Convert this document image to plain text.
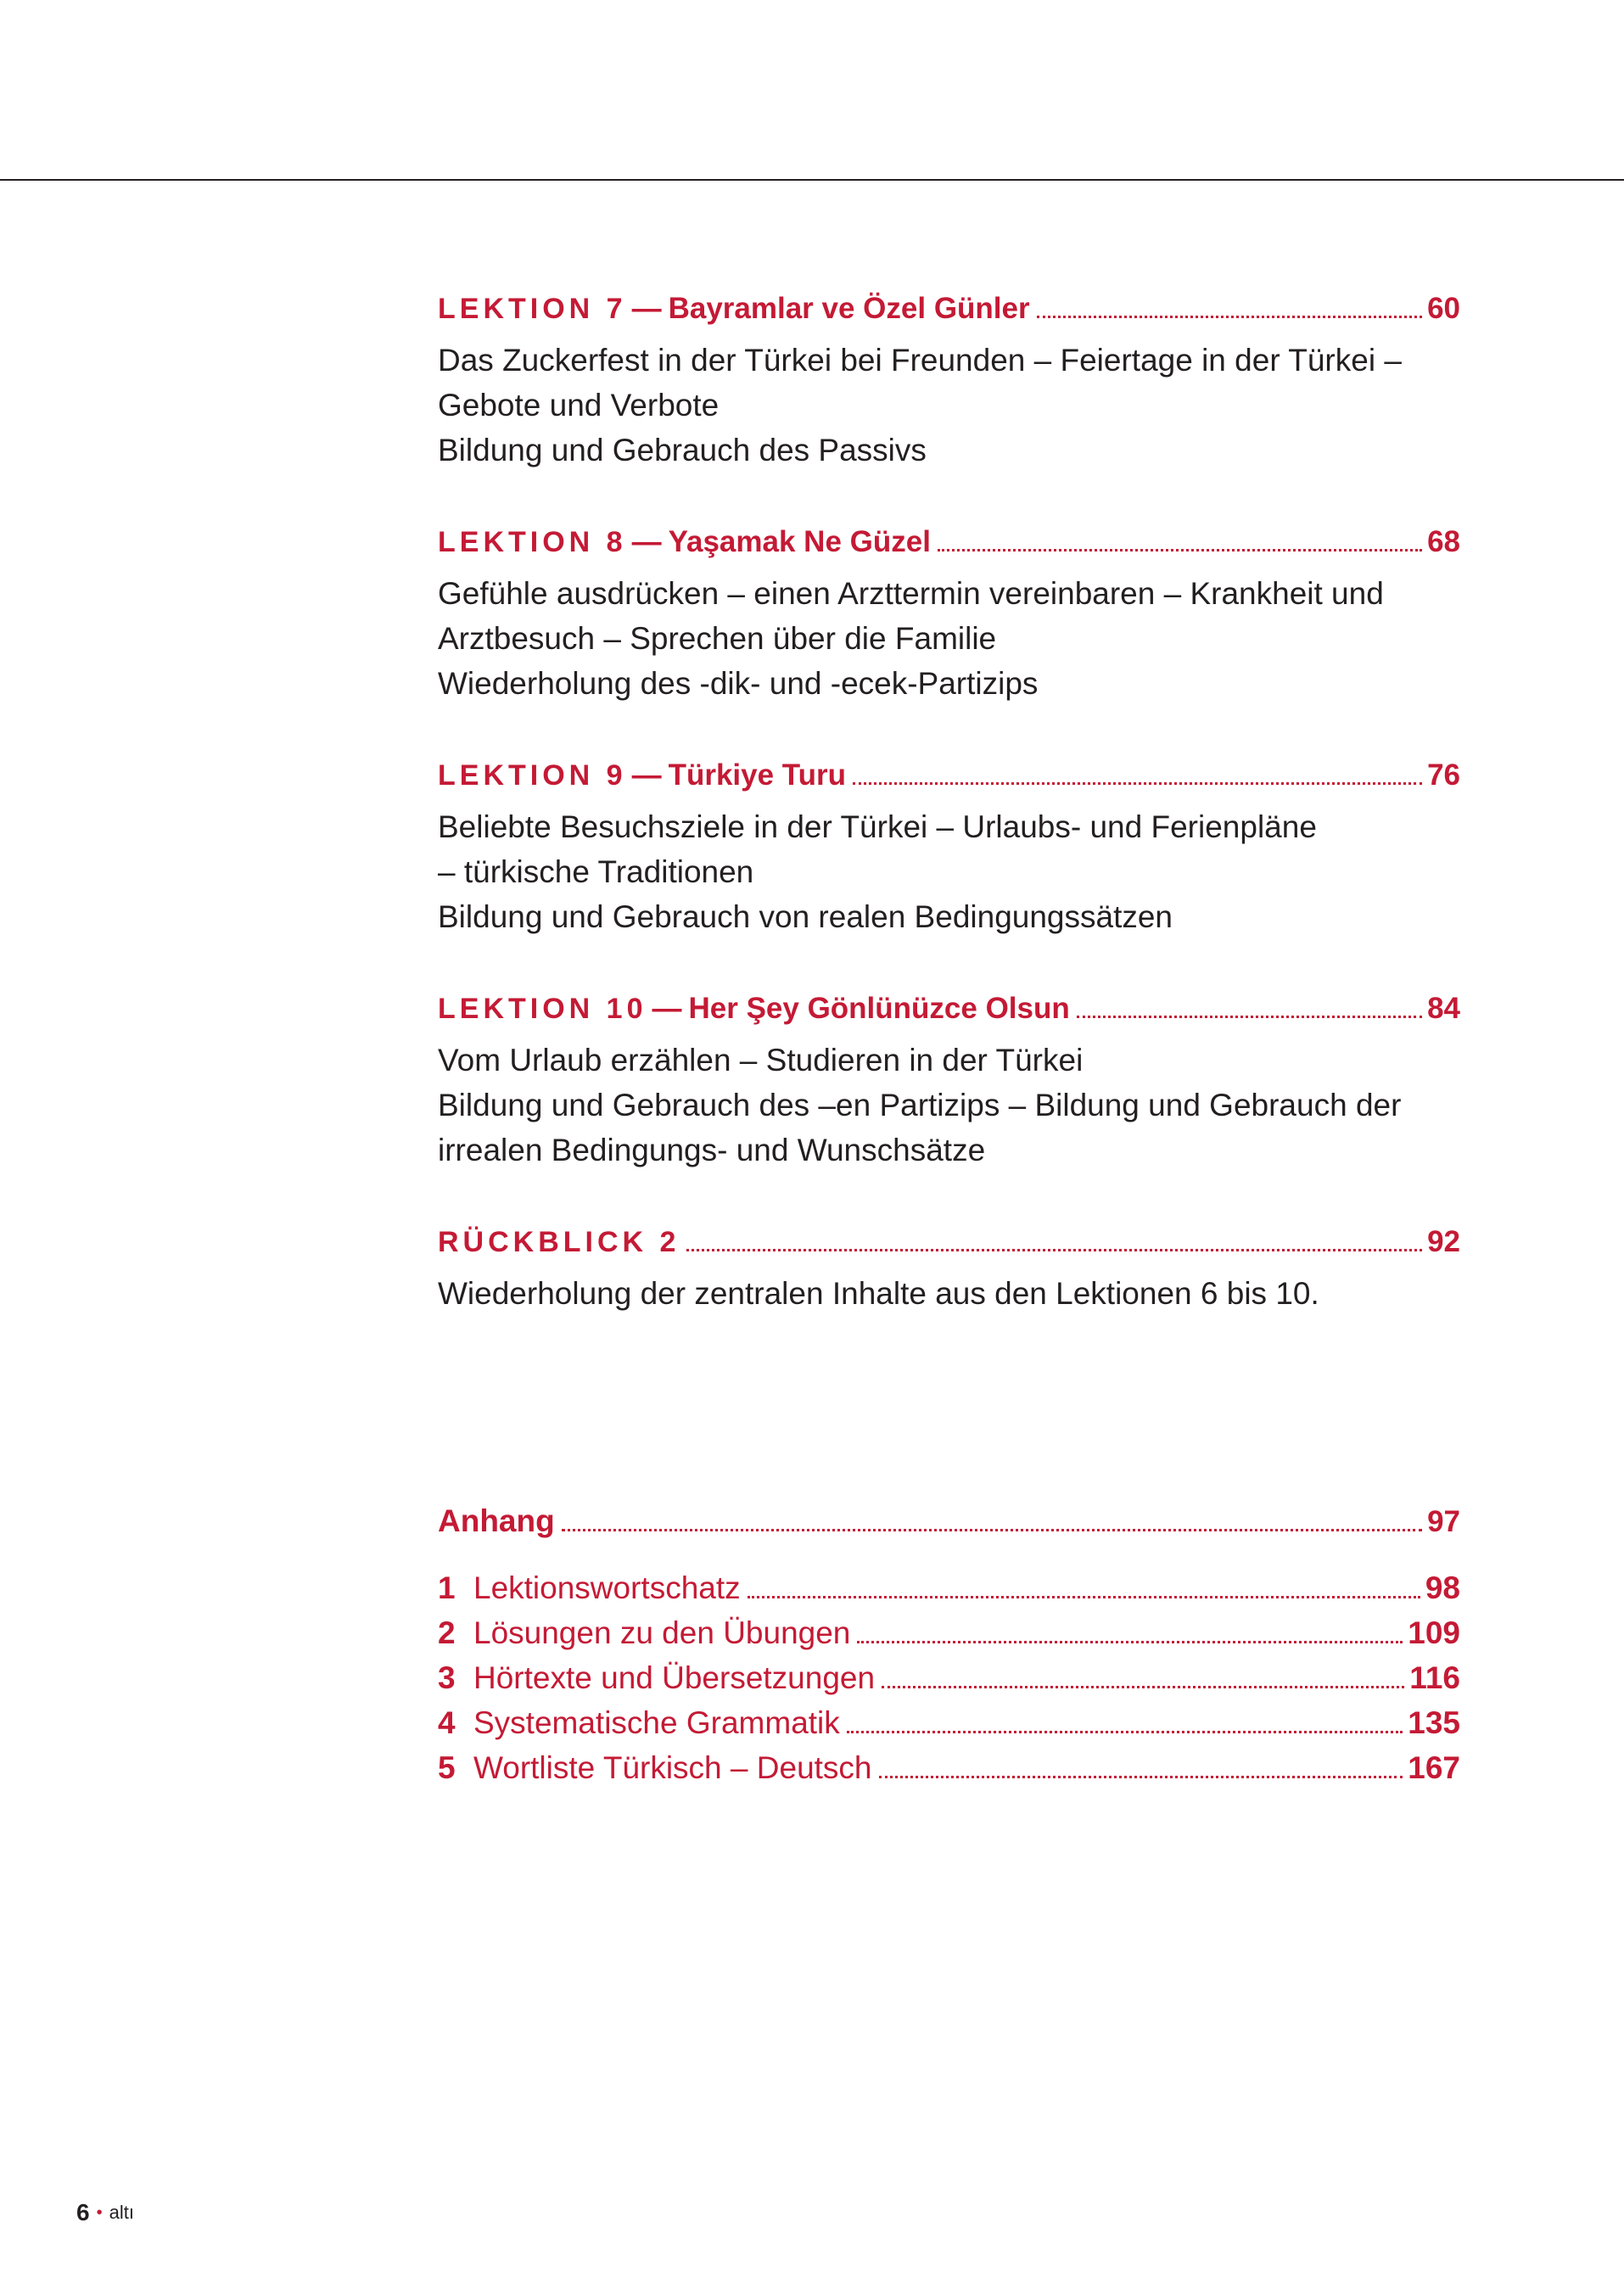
LEKTION 7 — Bayramlar ve Özel Günler	60
Das Zuckerfest in der Türkei bei Freunden – Feiertage in der Türkei –
Gebote und Verbote
Bildung und Gebrauch des Passivs
LEKTION 8 — Yaşamak Ne Güzel	68
Gefühle ausdrücken – einen Arzttermin vereinbaren – Krankheit und
Arztbesuch – Sprechen über die Familie
Wiederholung des -dik- und -ecek-Partizips
LEKTION 9 — Türkiye Turu	76
Beliebte Besuchsziele in der Türkei – Urlaubs- und Ferienpläne
– türkische Traditionen
Bildung und Gebrauch von realen Bedingungssätzen
LEKTION 10 — Her Şey Gönlünüzce Olsun	84
Vom Urlaub erzählen – Studieren in der Türkei
Bildung und Gebrauch des –en Partizips – Bildung und Gebrauch der
irrealen Bedingungs- und Wunschsätze
RÜCKBLICK 2	92
Wiederholung der zentralen Inhalte aus den Lektionen 6 bis 10.
Anhang	97
1 Lektionswortschatz	98
2 Lösungen zu den Übungen	109
3 Hörtexte und Übersetzungen	116
4 Systematische Grammatik	135
5 Wortliste Türkisch – Deutsch	167
6 • altı
